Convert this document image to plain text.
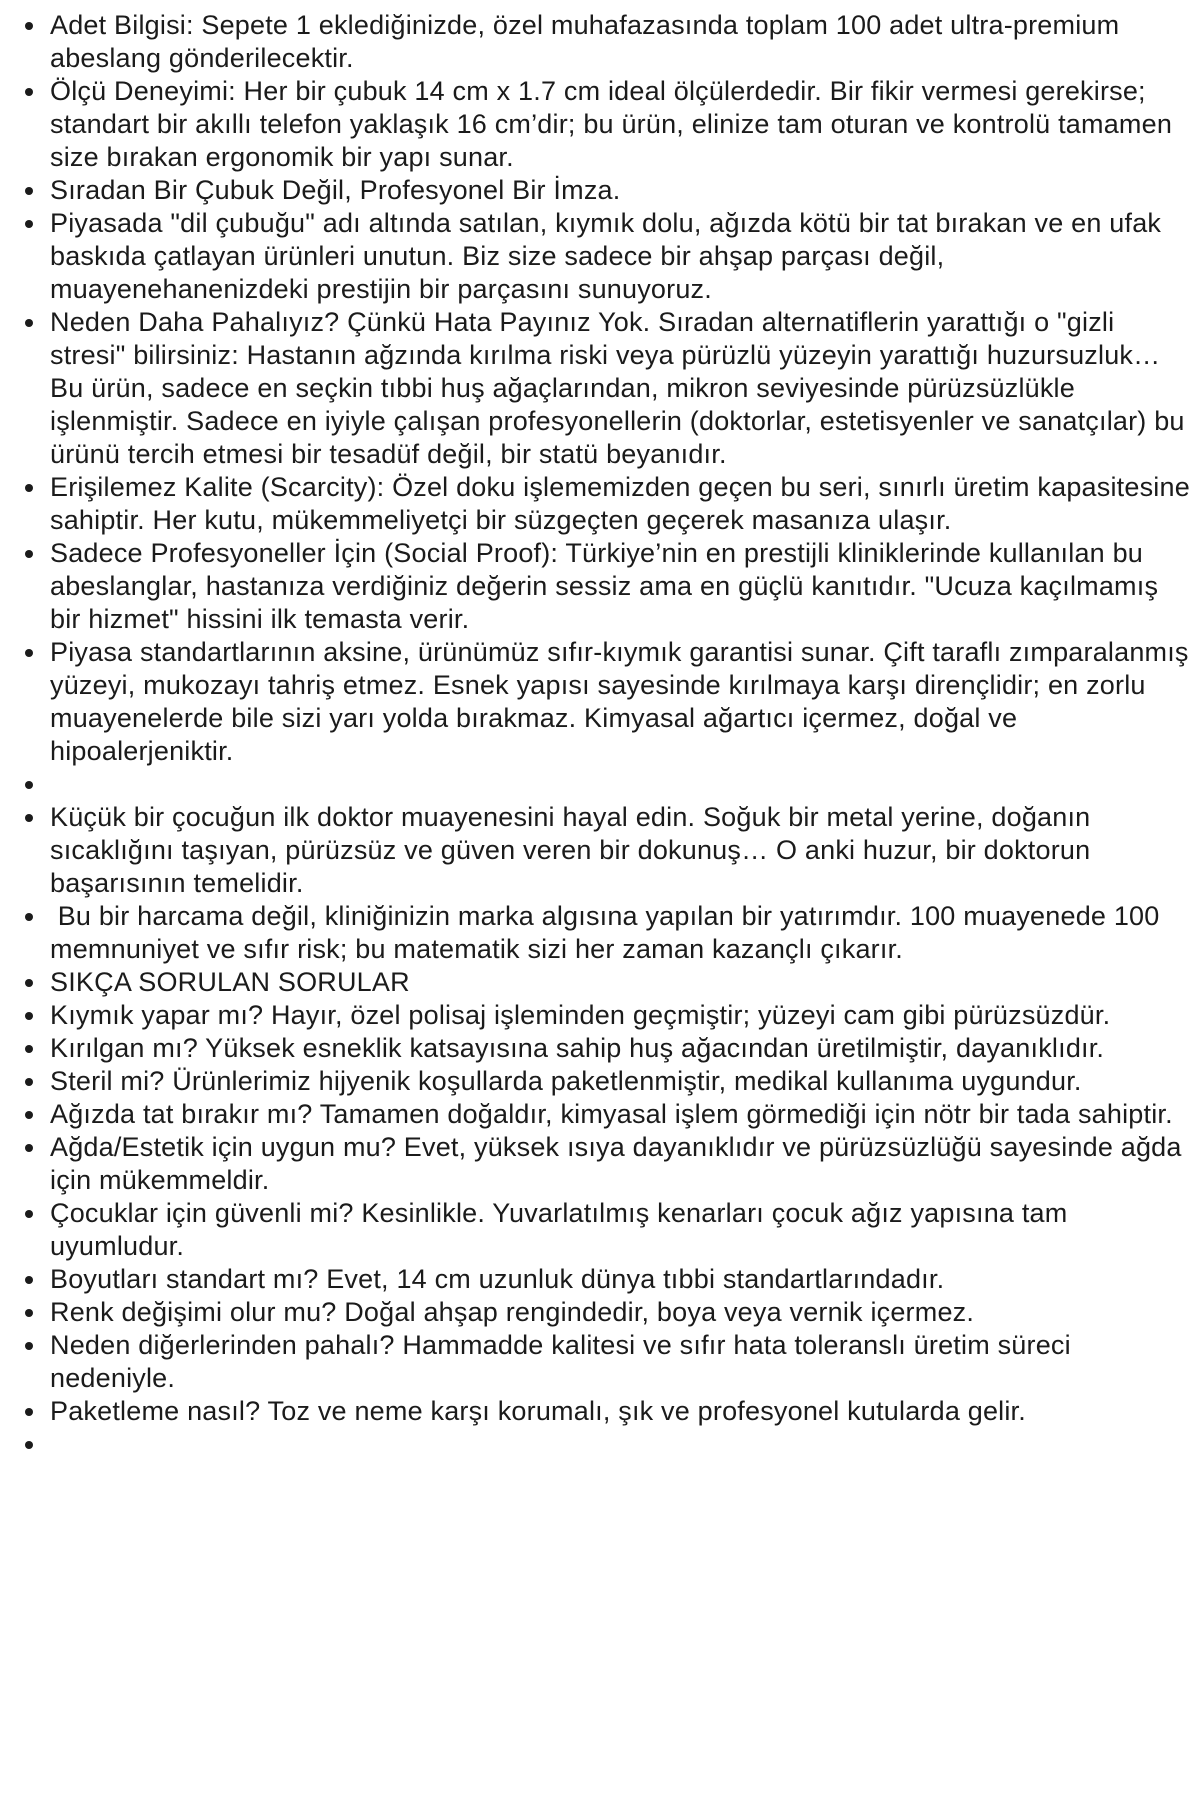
• Adet Bilgisi: Sepete 1 eklediğinizde, özel muhafazasında toplam 100 adet ultra-premium abeslang gönderilecektir.
• Ölçü Deneyimi: Her bir çubuk 14 cm x 1.7 cm ideal ölçülerdedir. Bir fikir vermesi gerekirse; standart bir akıllı telefon yaklaşık 16 cm’dir; bu ürün, elinize tam oturan ve kontrolü tamamen size bırakan ergonomik bir yapı sunar.
• Sıradan Bir Çubuk Değil, Profesyonel Bir İmza.
• Piyasada "dil çubuğu" adı altında satılan, kıymık dolu, ağızda kötü bir tat bırakan ve en ufak baskıda çatlayan ürünleri unutun. Biz size sadece bir ahşap parçası değil, muayenehanenizdeki prestijin bir parçasını sunuyoruz.
• Neden Daha Pahalıyız? Çünkü Hata Payınız Yok. Sıradan alternatiflerin yarattığı o "gizli stresi" bilirsiniz: Hastanın ağzında kırılma riski veya pürüzlü yüzeyin yarattığı huzursuzluk… Bu ürün, sadece en seçkin tıbbi huş ağaçlarından, mikron seviyesinde pürüzsüzlükle işlenmiştir. Sadece en iyiyle çalışan profesyonellerin (doktorlar, estetisyenler ve sanatçılar) bu ürünü tercih etmesi bir tesadüf değil, bir statü beyanıdır.
• Erişilemez Kalite (Scarcity): Özel doku işlememizden geçen bu seri, sınırlı üretim kapasitesine sahiptir. Her kutu, mükemmeliyetçi bir süzgeçten geçerek masanıza ulaşır.
• Sadece Profesyoneller İçin (Social Proof): Türkiye’nin en prestijli kliniklerinde kullanılan bu abeslanglar, hastanıza verdiğiniz değerin sessiz ama en güçlü kanıtıdır. "Ucuza kaçılmamış bir hizmet" hissini ilk temasta verir.
• Piyasa standartlarının aksine, ürünümüz sıfır-kıymık garantisi sunar. Çift taraflı zımparalanmış yüzeyi, mukozayı tahriş etmez. Esnek yapısı sayesinde kırılmaya karşı dirençlidir; en zorlu muayenelerde bile sizi yarı yolda bırakmaz. Kimyasal ağartıcı içermez, doğal ve hipoalerjeniktir.
•
• Küçük bir çocuğun ilk doktor muayenesini hayal edin. Soğuk bir metal yerine, doğanın sıcaklığını taşıyan, pürüzsüz ve güven veren bir dokunuş… O anki huzur, bir doktorun başarısının temelidir.
•  Bu bir harcama değil, kliniğinizin marka algısına yapılan bir yatırımdır. 100 muayenede 100 memnuniyet ve sıfır risk; bu matematik sizi her zaman kazançlı çıkarır.
• SIKÇA SORULAN SORULAR
• Kıymık yapar mı? Hayır, özel polisaj işleminden geçmiştir; yüzeyi cam gibi pürüzsüzdür.
• Kırılgan mı? Yüksek esneklik katsayısına sahip huş ağacından üretilmiştir, dayanıklıdır.
• Steril mi? Ürünlerimiz hijyenik koşullarda paketlenmiştir, medikal kullanıma uygundur.
• Ağızda tat bırakır mı? Tamamen doğaldır, kimyasal işlem görmediği için nötr bir tada sahiptir.
• Ağda/Estetik için uygun mu? Evet, yüksek ısıya dayanıklıdır ve pürüzsüzlüğü sayesinde ağda için mükemmeldir.
• Çocuklar için güvenli mi? Kesinlikle. Yuvarlatılmış kenarları çocuk ağız yapısına tam uyumludur.
• Boyutları standart mı? Evet, 14 cm uzunluk dünya tıbbi standartlarındadır.
• Renk değişimi olur mu? Doğal ahşap rengindedir, boya veya vernik içermez.
• Neden diğerlerinden pahalı? Hammadde kalitesi ve sıfır hata toleranslı üretim süreci nedeniyle.
• Paketleme nasıl? Toz ve neme karşı korumalı, şık ve profesyonel kutularda gelir.
•
